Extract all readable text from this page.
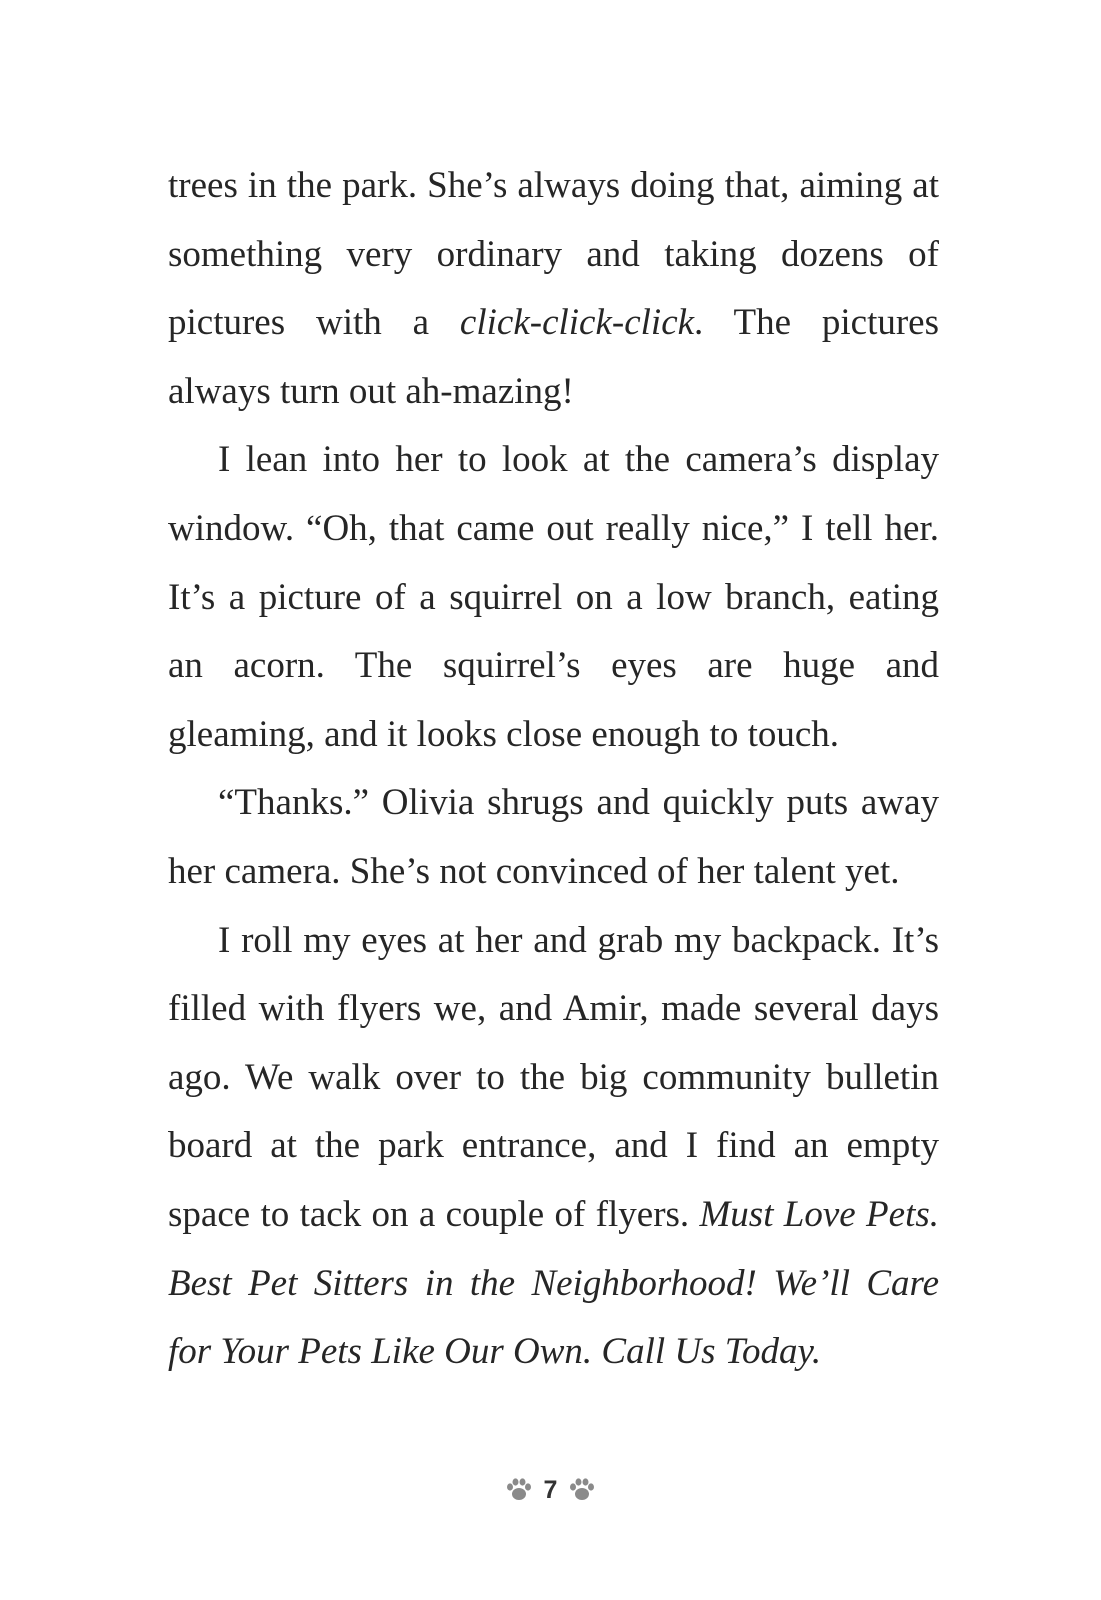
trees in the park. She’s always doing that, aiming at something very ordinary and taking dozens of pictures with a click-click-click. The pictures always turn out ah-mazing!

I lean into her to look at the camera’s display window. “Oh, that came out really nice,” I tell her. It’s a picture of a squirrel on a low branch, eating an acorn. The squirrel’s eyes are huge and gleaming, and it looks close enough to touch.

“Thanks.” Olivia shrugs and quickly puts away her camera. She’s not convinced of her talent yet.

I roll my eyes at her and grab my backpack. It’s filled with flyers we, and Amir, made several days ago. We walk over to the big community bulletin board at the park entrance, and I find an empty space to tack on a couple of flyers. Must Love Pets. Best Pet Sitters in the Neighborhood! We’ll Care for Your Pets Like Our Own. Call Us Today.

7
